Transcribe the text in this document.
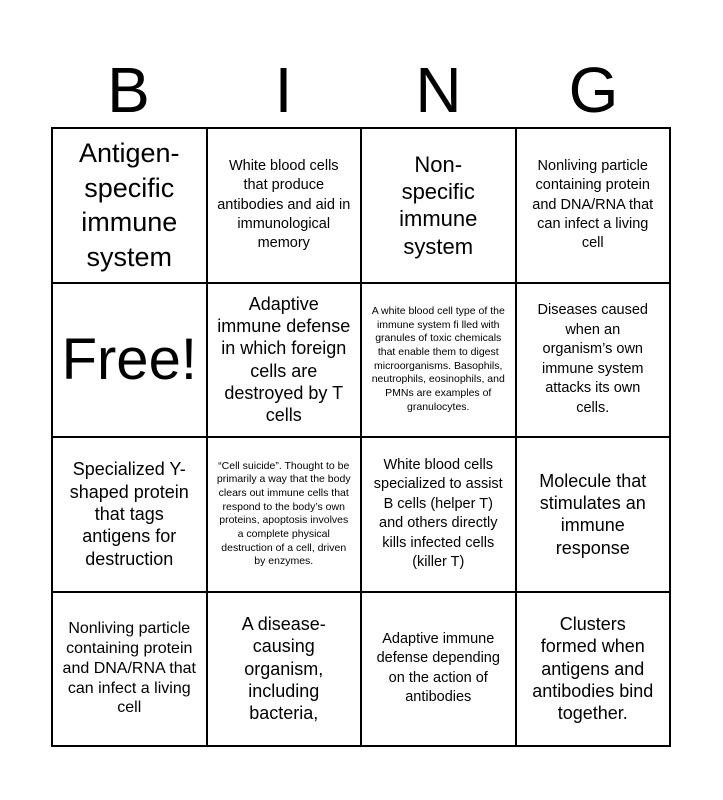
B	I	N	G
Antigen-specific immune system
White blood cells that produce antibodies and aid in immunological memory
Non-specific immune system
Nonliving particle containing protein and DNA/RNA that can infect a living cell
Free!
Adaptive immune defense in which foreign cells are destroyed by T cells
A white blood cell type of the immune system fi lled with granules of toxic chemicals that enable them to digest microorganisms. Basophils, neutrophils, eosinophils, and PMNs are examples of granulocytes.
Diseases caused when an organism’s own immune system attacks its own cells.
Specialized Y-shaped protein that tags antigens for destruction
“Cell suicide”. Thought to be primarily a way that the body clears out immune cells that respond to the body’s own proteins, apoptosis involves a complete physical destruction of a cell, driven by enzymes.
White blood cells specialized to assist B cells (helper T) and others directly kills infected cells (killer T)
Molecule that stimulates an immune response
Nonliving particle containing protein and DNA/RNA that can infect a living cell
A disease-causing organism, including bacteria,
Adaptive immune defense depending on the action of antibodies
Clusters formed when antigens and antibodies bind together.
